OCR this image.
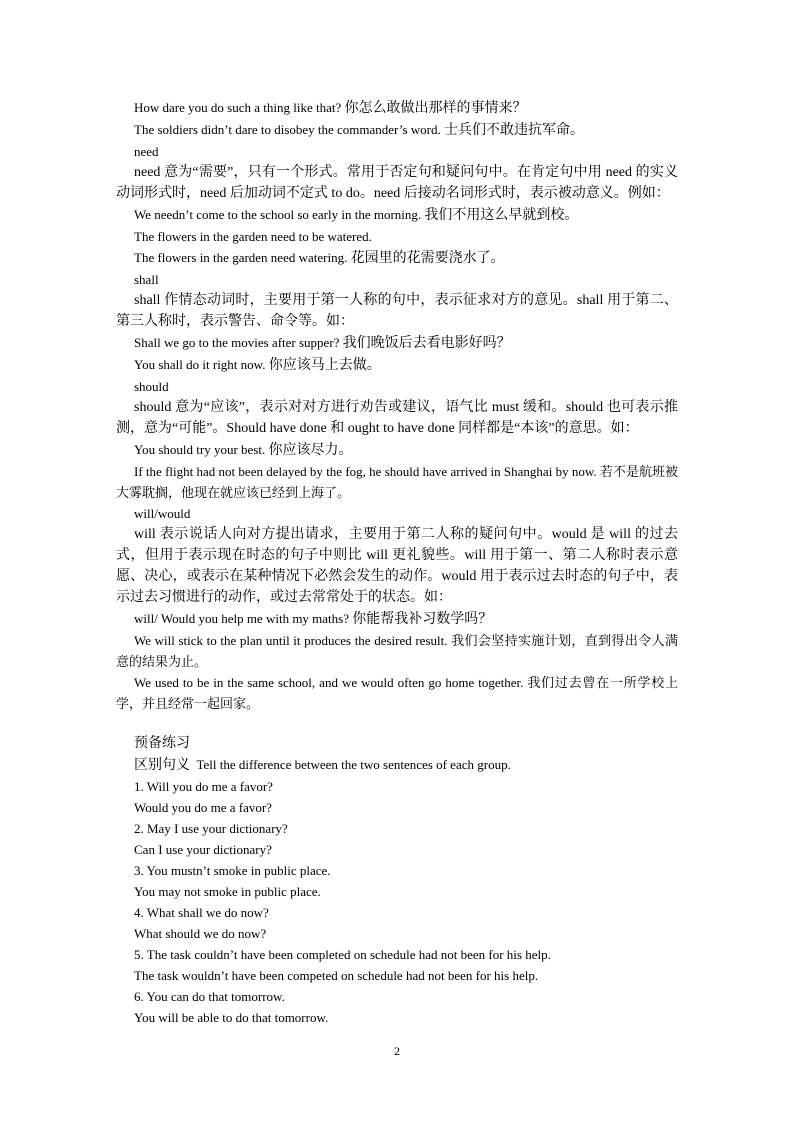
How dare you do such a thing like that? 你怎么敢做出那样的事情来？

The soldiers didn’t dare to disobey the commander’s word. 士兵们不敢违抗军命。

need

need 意为“需要”，只有一个形式。常用于否定句和疑问句中。在肯定句中用 need 的实义动词形式时，need 后加动词不定式 to do。need 后接动名词形式时，表示被动意义。例如：

We needn’t come to the school so early in the morning. 我们不用这么早就到校。

The flowers in the garden need to be watered.

The flowers in the garden need watering. 花园里的花需要浇水了。

shall

shall 作情态动词时，主要用于第一人称的句中，表示征求对方的意见。shall 用于第二、第三人称时，表示警告、命令等。如：

Shall we go to the movies after supper? 我们晚饭后去看电影好吗？

You shall do it right now. 你应该马上去做。

should

should 意为“应该”，表示对对方进行劝告或建议，语气比 must 缓和。should 也可表示推测，意为“可能”。Should have done 和 ought to have done 同样都是“本该”的意思。如：

You should try your best. 你应该尽力。

If the flight had not been delayed by the fog, he should have arrived in Shanghai by now. 若不是航班被大雾耽搁，他现在就应该已经到上海了。

will/would

will 表示说话人向对方提出请求，主要用于第二人称的疑问句中。would 是 will 的过去式，但用于表示现在时态的句子中则比 will 更礼貌些。will 用于第一、第二人称时表示意愿、决心，或表示在某种情况下必然会发生的动作。would 用于表示过去时态的句子中，表示过去习惯进行的动作，或过去常常处于的状态。如：

will/ Would you help me with my maths? 你能帮我补习数学吗？

We will stick to the plan until it produces the desired result. 我们会坚持实施计划，直到得出令人满意的结果为止。

We used to be in the same school, and we would often go home together. 我们过去曾在一所学校上学，并且经常一起回家。

预备练习

区别句义 Tell the difference between the two sentences of each group.

1. Will you do me a favor?

Would you do me a favor?

2. May I use your dictionary?

Can I use your dictionary?

3. You mustn’t smoke in public place.

You may not smoke in public place.

4. What shall we do now?

What should we do now?

5. The task couldn’t have been completed on schedule had not been for his help.

The task wouldn’t have been competed on schedule had not been for his help.

6. You can do that tomorrow.

You will be able to do that tomorrow.

2
